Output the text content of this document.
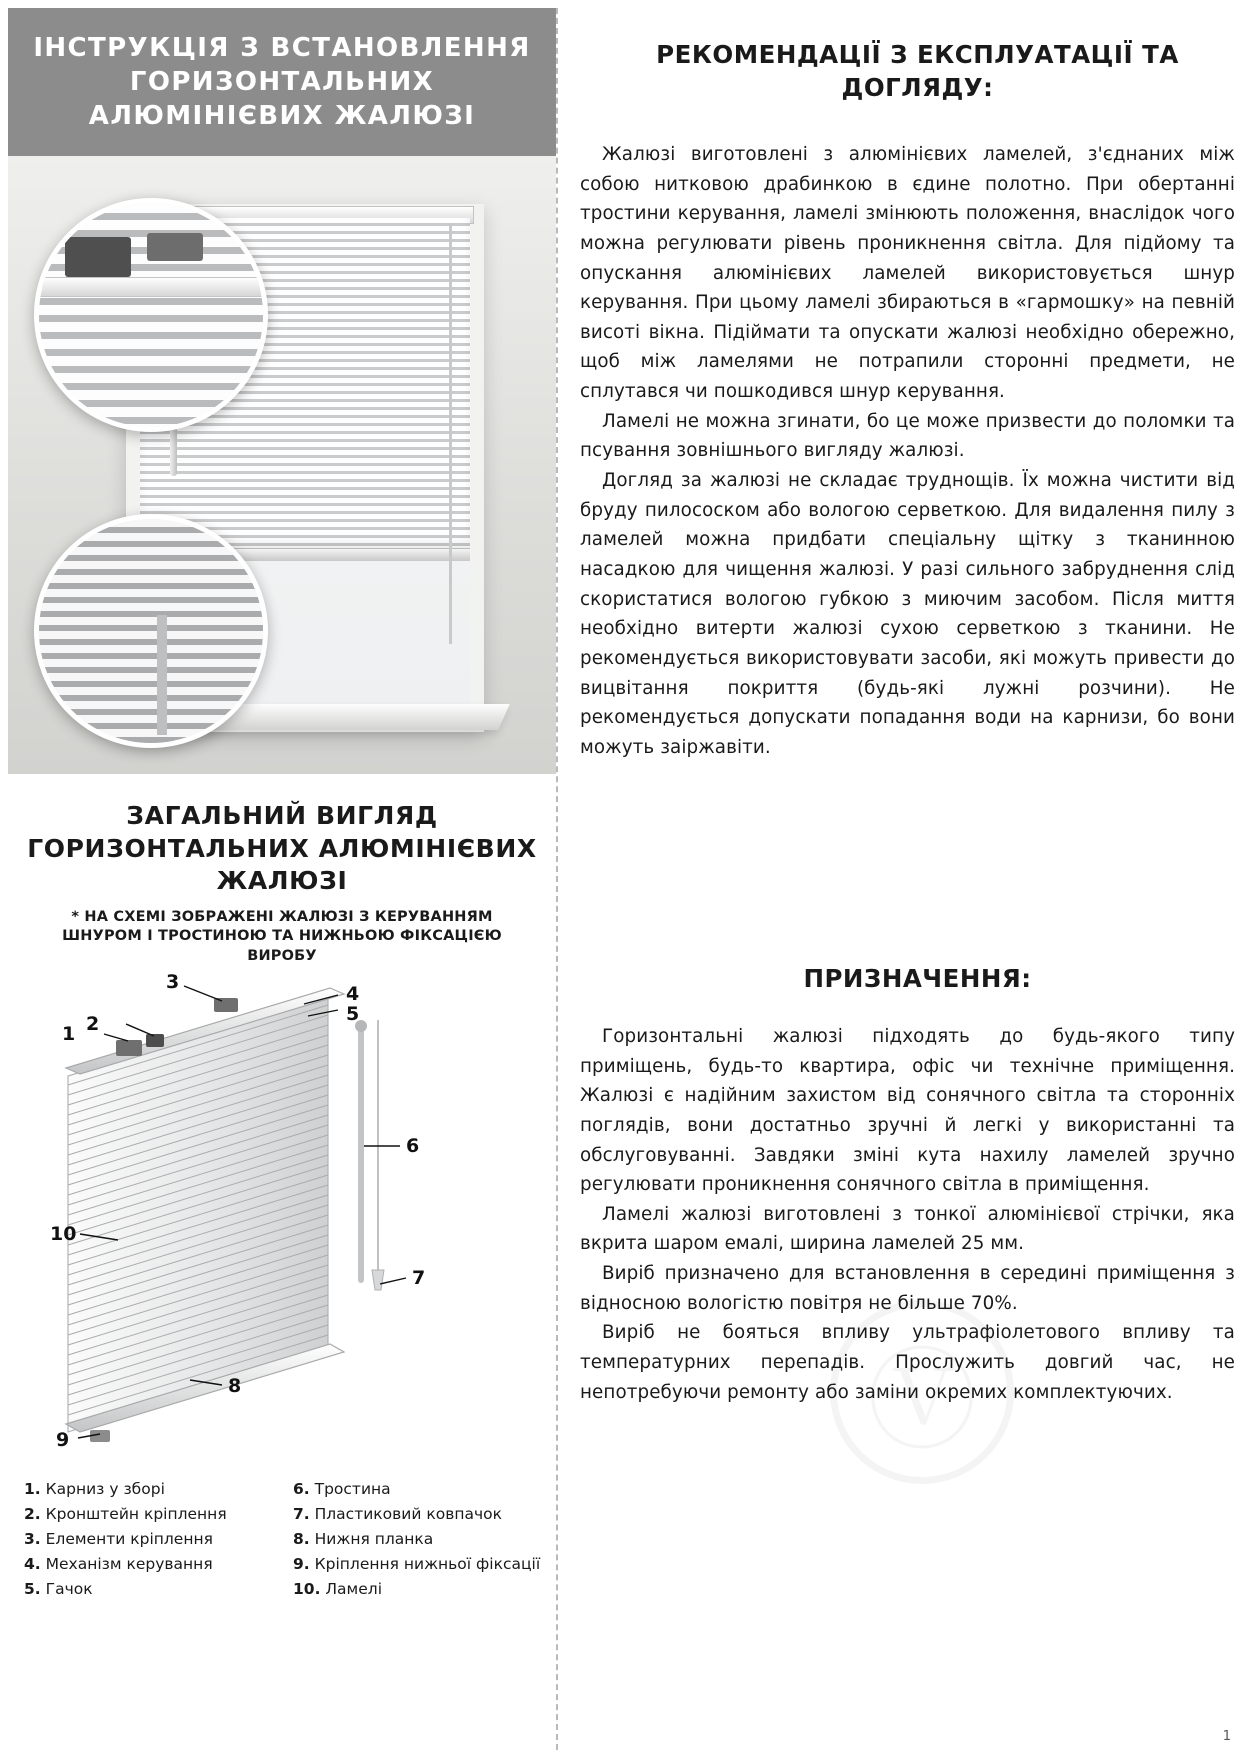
ІНСТРУКЦІЯ З ВСТАНОВЛЕННЯ ГОРИЗОНТАЛЬНИХ АЛЮМІНІЄВИХ ЖАЛЮЗІ
ЗАГАЛЬНИЙ ВИГЛЯД ГОРИЗОНТАЛЬНИХ АЛЮМІНІЄВИХ ЖАЛЮЗІ
* НА СХЕМІ ЗОБРАЖЕНІ ЖАЛЮЗІ З КЕРУВАННЯМ ШНУРОМ І ТРОСТИНОЮ ТА НИЖНЬОЮ ФІКСАЦІЄЮ ВИРОБУ
1 2
3
4
5
6
7
8
9
10
1. Карниз у зборі	6. Тростина
2. Кронштейн кріплення	7. Пластиковий ковпачок
3. Елементи кріплення	8. Нижня планка
4. Механізм керування	9. Кріплення нижньої фіксації
5. Гачок	10. Ламелі
РЕКОМЕНДАЦІЇ З ЕКСПЛУАТАЦІЇ ТА ДОГЛЯДУ:

Жалюзі виготовлені з алюмінієвих ламелей, з'єднаних між собою нитковою драбинкою в єдине полотно. При обертанні тростини керування, ламелі змінюють положення, внаслідок чого можна регулювати рівень проникнення світла. Для підйому та опускання алюмінієвих ламелей використовується шнур керування. При цьому ламелі збираються в «гармошку» на певній висоті вікна. Підіймати та опускати жалюзі необхідно обережно, щоб між ламелями не потрапили сторонні предмети, не сплутався чи пошкодився шнур керування.

Ламелі не можна згинати, бо це може призвести до поломки та псування зовнішнього вигляду жалюзі.

Догляд за жалюзі не складає труднощів. Їх можна чистити від бруду пилососком або вологою серветкою. Для видалення пилу з ламелей можна придбати спеціальну щітку з тканинною насадкою для чищення жалюзі. У разі сильного забруднення слід скористатися вологою губкою з миючим засобом. Після миття необхідно витерти жалюзі сухою серветкою з тканини. Не рекомендується використовувати засоби, які можуть привести до вицвітання покриття (будь-які лужні розчини). Не рекомендується допускати попадання води на карнизи, бо вони можуть заіржавіти.

ПРИЗНАЧЕННЯ:

Горизонтальні жалюзі підходять до будь-якого типу приміщень, будь-то квартира, офіс чи технічне приміщення. Жалюзі є надійним захистом від сонячного світла та сторонніх поглядів, вони достатньо зручні й легкі у використанні та обслуговуванні. Завдяки зміні кута нахилу ламелей зручно регулювати проникнення сонячного світла в приміщення.

Ламелі жалюзі виготовлені з тонкої алюмінієвої стрічки, яка вкрита шаром емалі, ширина ламелей 25 мм.

Виріб призначено для встановлення в середині приміщення з відносною вологістю повітря не більше 70%.

Виріб не бояться впливу ультрафіолетового впливу та температурних перепадів. Прослужить довгий час, не непотребуючи ремонту або заміни окремих комплектуючих.

1
